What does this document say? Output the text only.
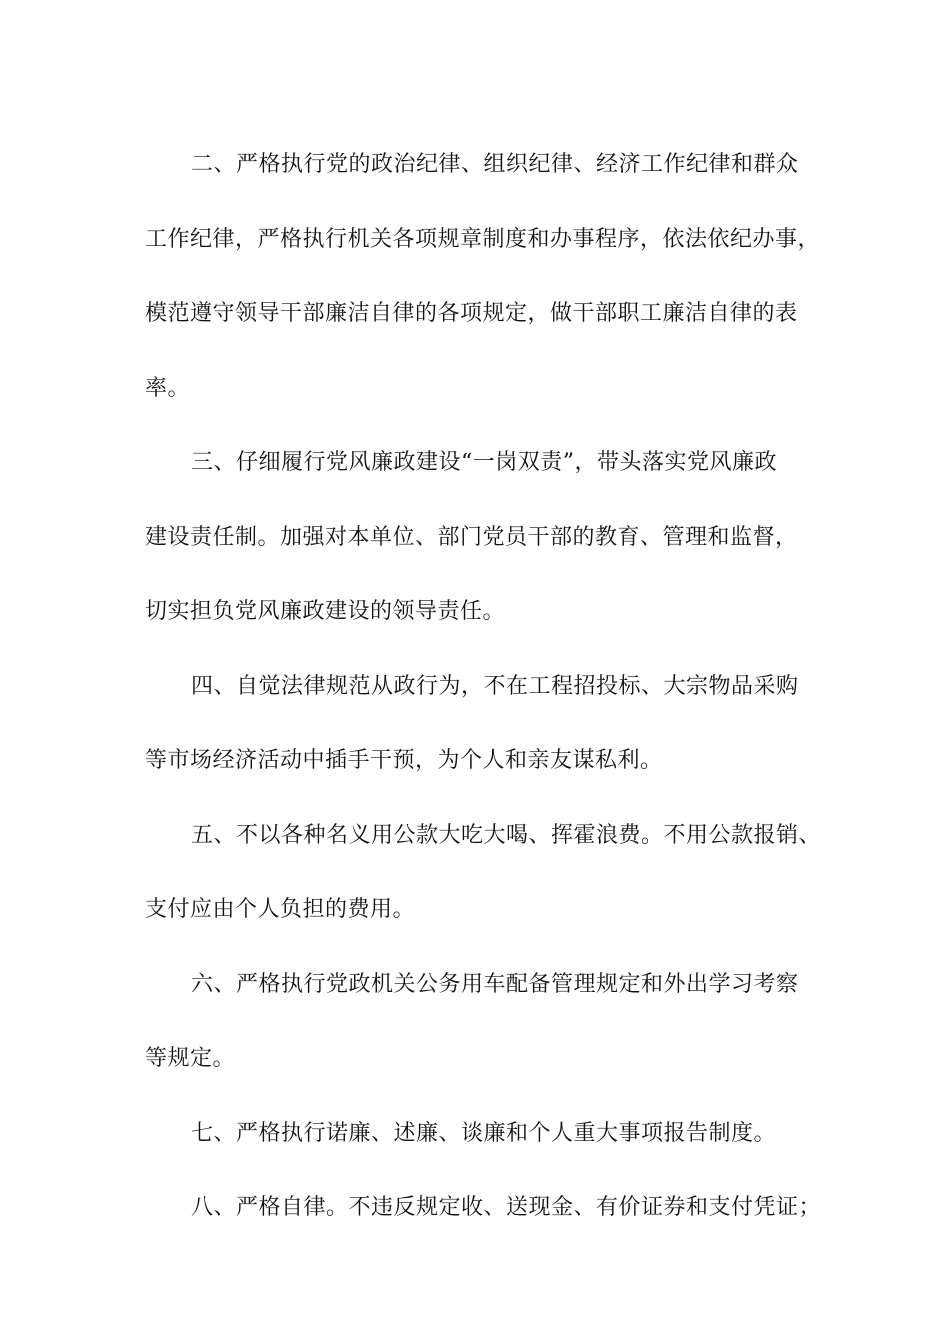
二、严格执行党的政治纪律、组织纪律、经济工作纪律和群众
工作纪律，严格执行机关各项规章制度和办事程序，依法依纪办事，
模范遵守领导干部廉洁自律的各项规定，做干部职工廉洁自律的表
率。
三、仔细履行党风廉政建设“一岗双责”，带头落实党风廉政
建设责任制。加强对本单位、部门党员干部的教育、管理和监督，
切实担负党风廉政建设的领导责任。
四、自觉法律规范从政行为，不在工程招投标、大宗物品采购
等市场经济活动中插手干预，为个人和亲友谋私利。
五、不以各种名义用公款大吃大喝、挥霍浪费。不用公款报销、
支付应由个人负担的费用。
六、严格执行党政机关公务用车配备管理规定和外出学习考察
等规定。
七、严格执行诺廉、述廉、谈廉和个人重大事项报告制度。
八、严格自律。不违反规定收、送现金、有价证券和支付凭证；
